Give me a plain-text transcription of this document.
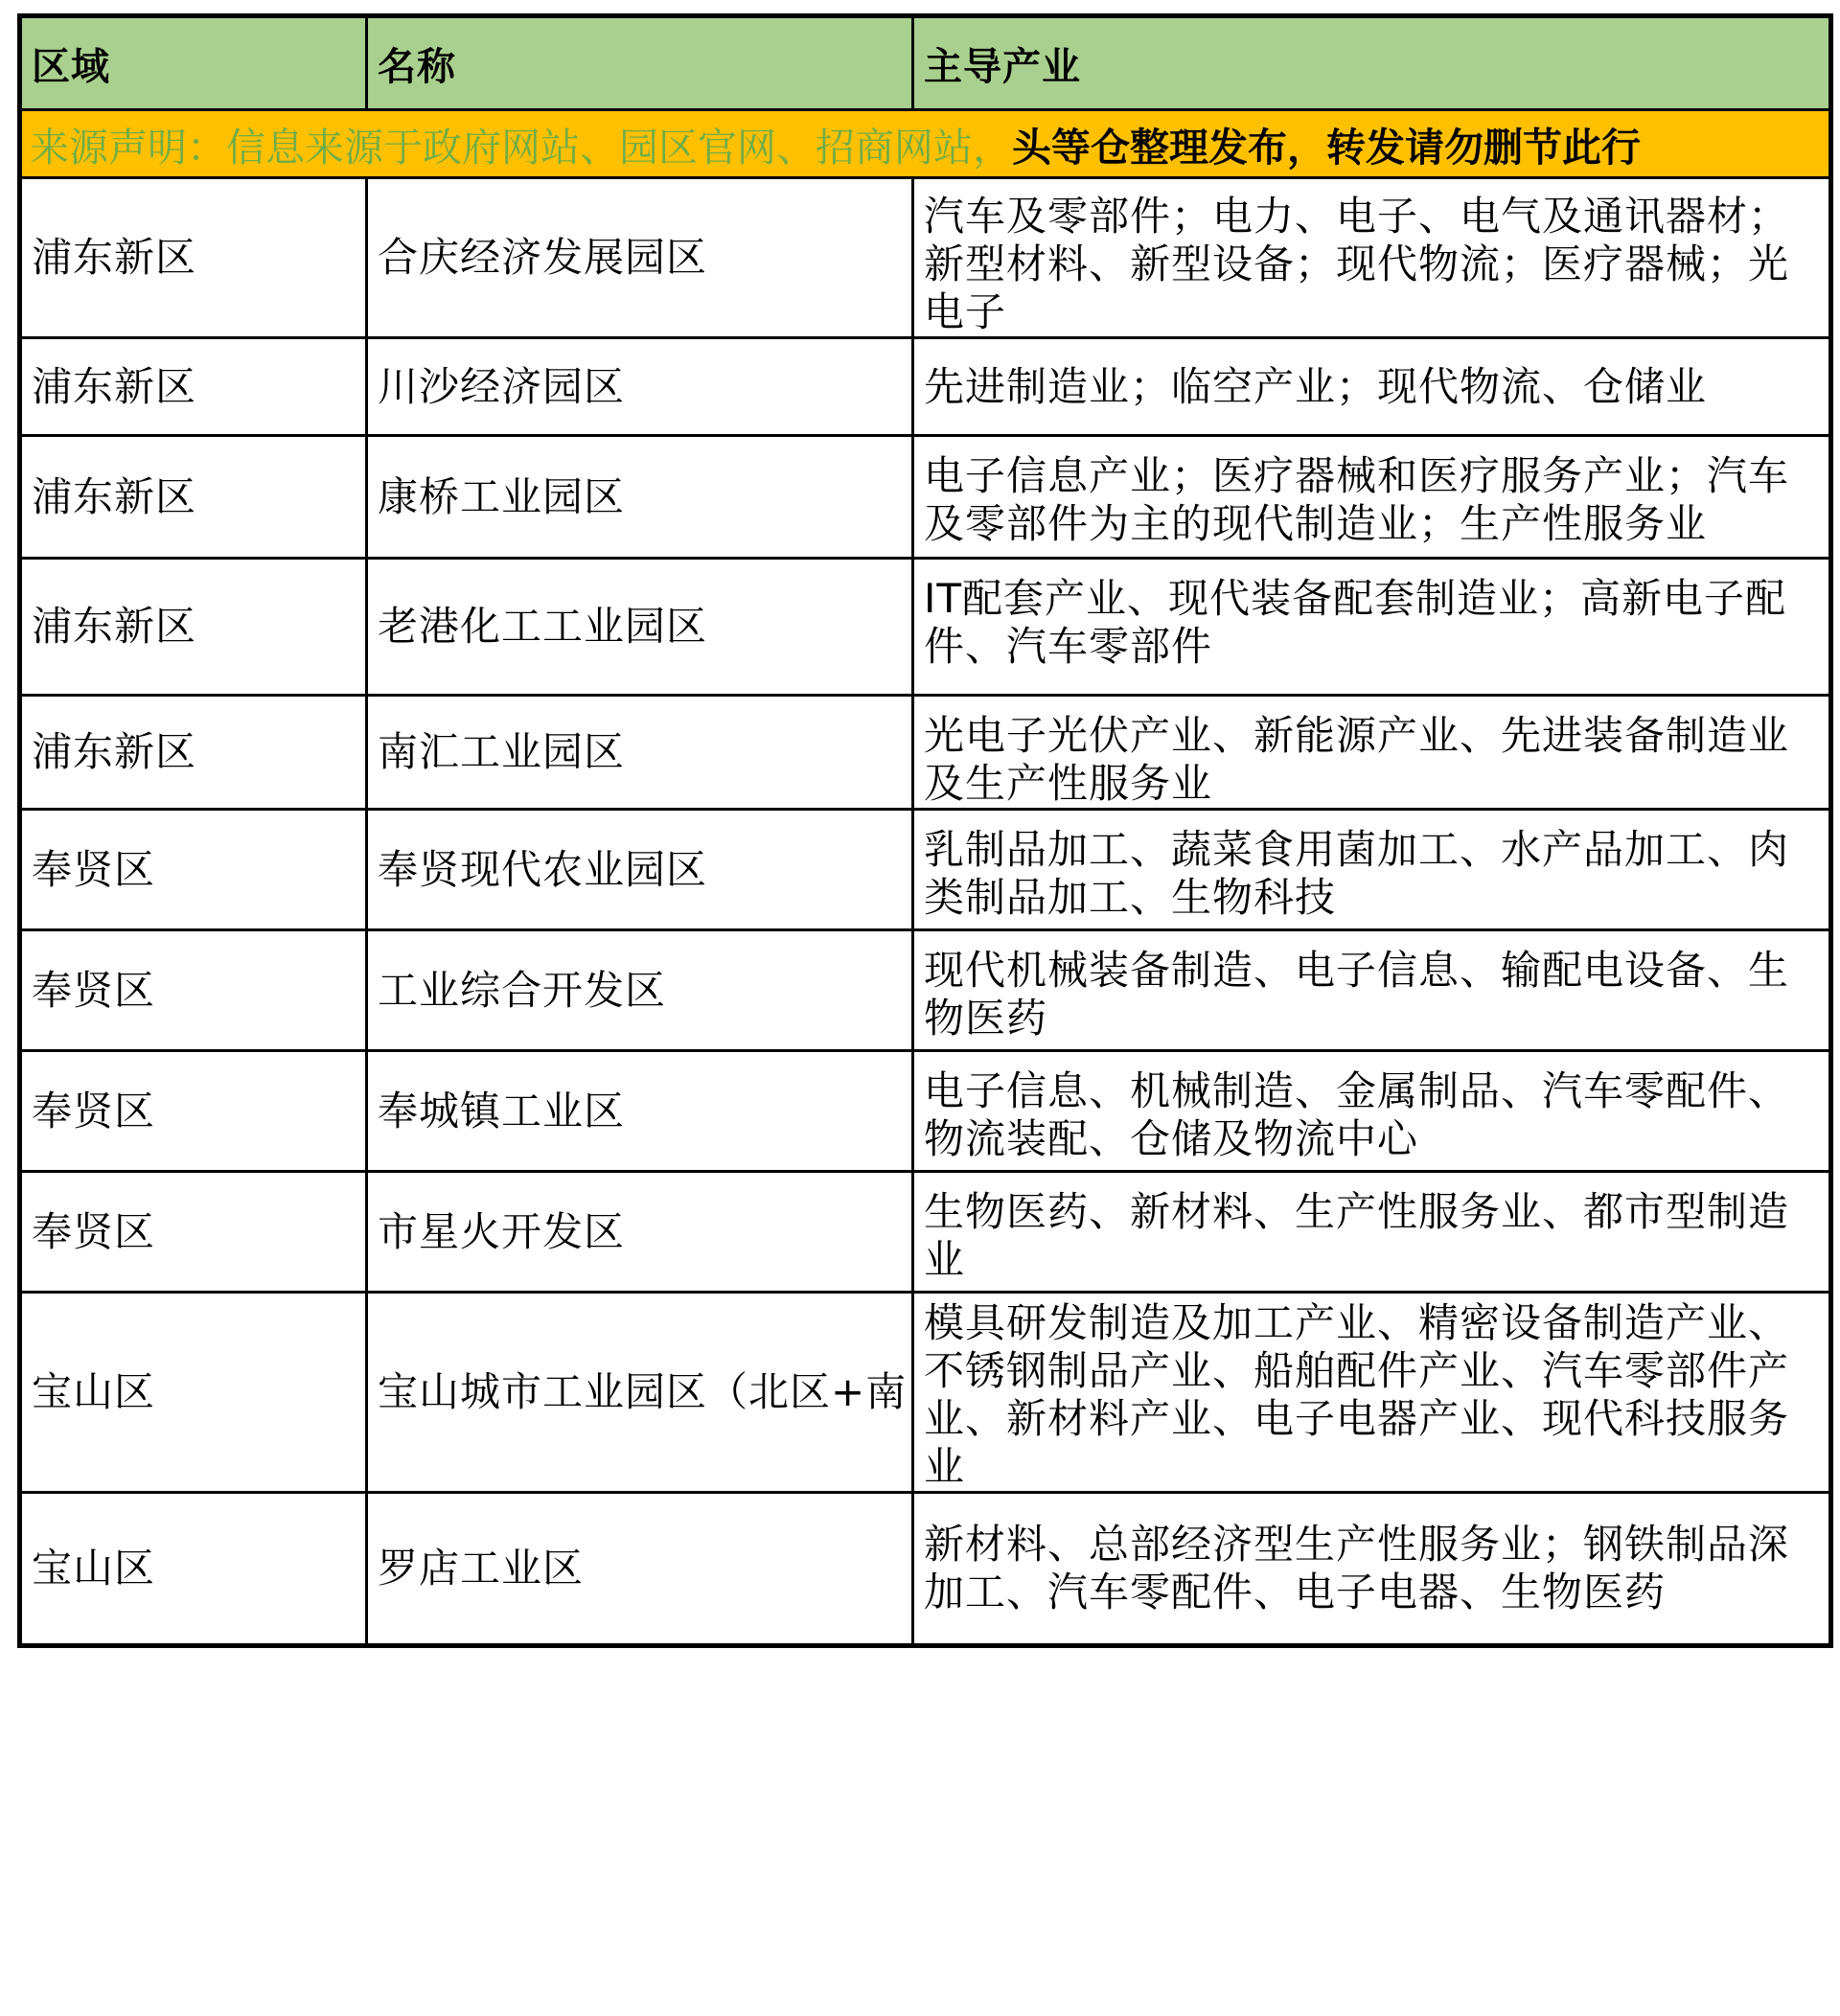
区域	名称	主导产业
来源声明：信息来源于政府网站、园区官网、招商网站，头等仓整理发布，转发请勿删节此行		
浦东新区	合庆经济发展园区	汽车及零部件；电力、电子、电气及通讯器材；新型材料、新型设备；现代物流；医疗器械；光电子
浦东新区	川沙经济园区	先进制造业；临空产业；现代物流、仓储业
浦东新区	康桥工业园区	电子信息产业；医疗器械和医疗服务产业；汽车及零部件为主的现代制造业；生产性服务业
浦东新区	老港化工工业园区	IT配套产业、现代装备配套制造业；高新电子配件、汽车零部件
浦东新区	南汇工业园区	光电子光伏产业、新能源产业、先进装备制造业及生产性服务业
奉贤区	奉贤现代农业园区	乳制品加工、蔬菜食用菌加工、水产品加工、肉类制品加工、生物科技
奉贤区	工业综合开发区	现代机械装备制造、电子信息、输配电设备、生物医药
奉贤区	奉城镇工业区	电子信息、机械制造、金属制品、汽车零配件、物流装配、仓储及物流中心
奉贤区	市星火开发区	生物医药、新材料、生产性服务业、都市型制造业
宝山区	宝山城市工业园区（北区+南	模具研发制造及加工产业、精密设备制造产业、不锈钢制品产业、船舶配件产业、汽车零部件产业、新材料产业、电子电器产业、现代科技服务业
宝山区	罗店工业区	新材料、总部经济型生产性服务业；钢铁制品深加工、汽车零配件、电子电器、生物医药
